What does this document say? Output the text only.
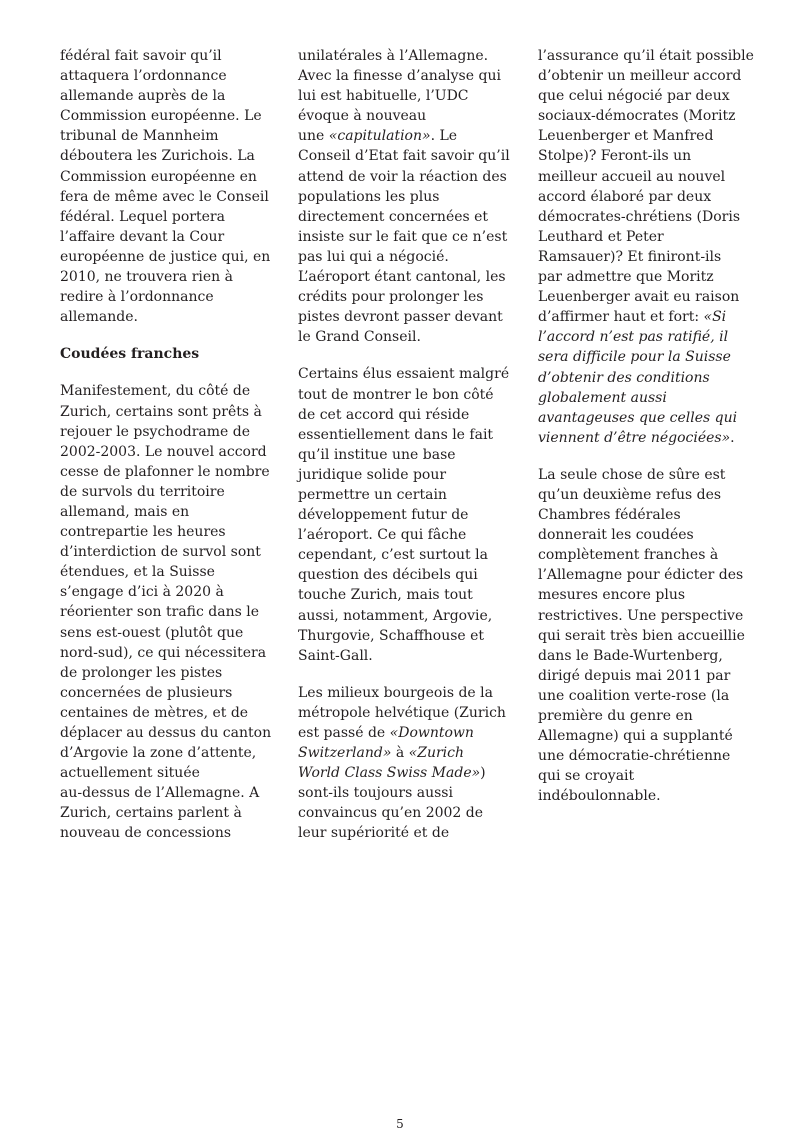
fédéral fait savoir qu’il
attaquera l’ordonnance
allemande auprès de la
Commission européenne. Le
tribunal de Mannheim
déboutera les Zurichois. La
Commission européenne en
fera de même avec le Conseil
fédéral. Lequel portera
l’affaire devant la Cour
européenne de justice qui, en
2010, ne trouvera rien à
redire à l’ordonnance
allemande.
Coudées franches
Manifestement, du côté de
Zurich, certains sont prêts à
rejouer le psychodrame de
2002-2003. Le nouvel accord
cesse de plafonner le nombre
de survols du territoire
allemand, mais en
contrepartie les heures
d’interdiction de survol sont
étendues, et la Suisse
s’engage d’ici à 2020 à
réorienter son trafic dans le
sens est-ouest (plutôt que
nord-sud), ce qui nécessitera
de prolonger les pistes
concernées de plusieurs
centaines de mètres, et de
déplacer au dessus du canton
d’Argovie la zone d’attente,
actuellement située
au-dessus de l’Allemagne. A
Zurich, certains parlent à
nouveau de concessions
unilatérales à l’Allemagne.
Avec la finesse d’analyse qui
lui est habituelle, l’UDC
évoque à nouveau
une «capitulation». Le
Conseil d’Etat fait savoir qu’il
attend de voir la réaction des
populations les plus
directement concernées et
insiste sur le fait que ce n’est
pas lui qui a négocié.
L’aéroport étant cantonal, les
crédits pour prolonger les
pistes devront passer devant
le Grand Conseil.
Certains élus essaient malgré
tout de montrer le bon côté
de cet accord qui réside
essentiellement dans le fait
qu’il institue une base
juridique solide pour
permettre un certain
développement futur de
l’aéroport. Ce qui fâche
cependant, c’est surtout la
question des décibels qui
touche Zurich, mais tout
aussi, notamment, Argovie,
Thurgovie, Schaffhouse et
Saint-Gall.
Les milieux bourgeois de la
métropole helvétique (Zurich
est passé de «Downtown
Switzerland» à «Zurich
World Class Swiss Made»)
sont-ils toujours aussi
convaincus qu’en 2002 de
leur supériorité et de
l’assurance qu’il était possible
d’obtenir un meilleur accord
que celui négocié par deux
sociaux-démocrates (Moritz
Leuenberger et Manfred
Stolpe)? Feront-ils un
meilleur accueil au nouvel
accord élaboré par deux
démocrates-chrétiens (Doris
Leuthard et Peter
Ramsauer)? Et finiront-ils
par admettre que Moritz
Leuenberger avait eu raison
d’affirmer haut et fort: «Si
l’accord n’est pas ratifié, il
sera difficile pour la Suisse
d’obtenir des conditions
globalement aussi
avantageuses que celles qui
viennent d’être négociées».
La seule chose de sûre est
qu’un deuxième refus des
Chambres fédérales
donnerait les coudées
complètement franches à
l’Allemagne pour édicter des
mesures encore plus
restrictives. Une perspective
qui serait très bien accueillie
dans le Bade-Wurtenberg,
dirigé depuis mai 2011 par
une coalition verte-rose (la
première du genre en
Allemagne) qui a supplanté
une démocratie-chrétienne
qui se croyait
indéboulonnable.
5
